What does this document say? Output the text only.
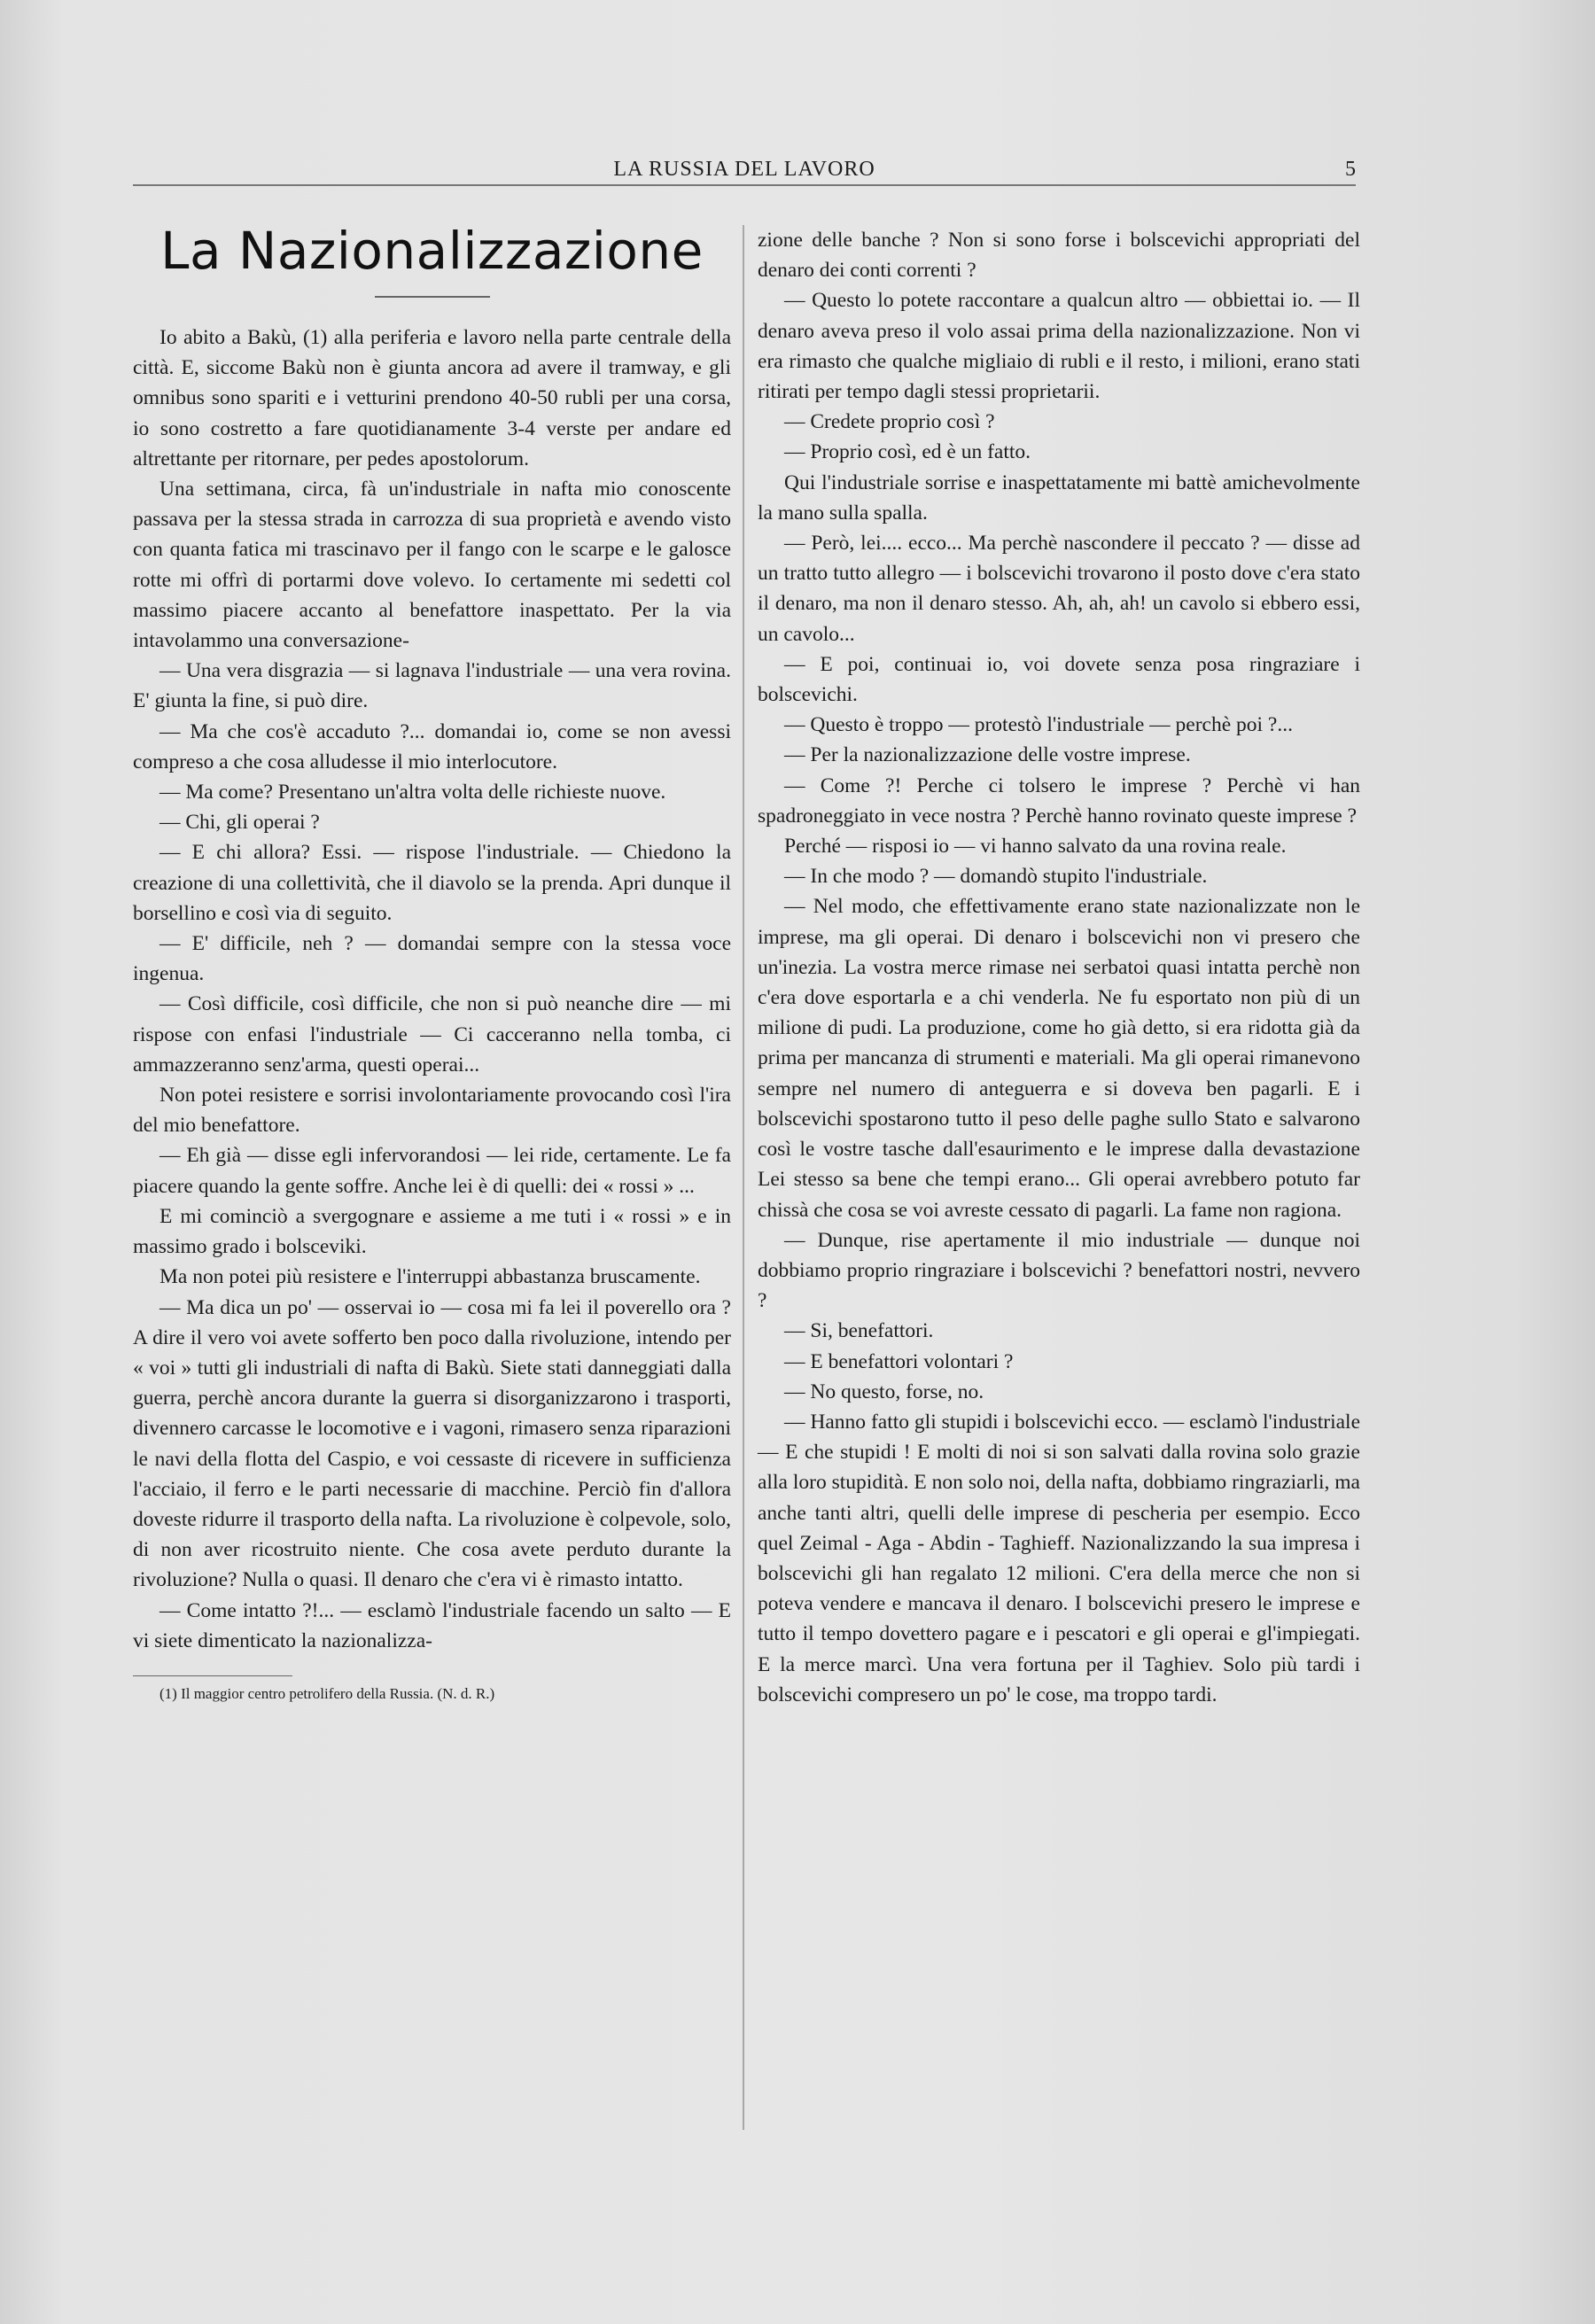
LA RUSSIA DEL LAVORO	5
La Nazionalizzazione

Io abito a Bakù, (1) alla periferia e lavoro nella parte centrale della città. E, siccome Bakù non è giunta ancora ad avere il tramway, e gli omnibus sono spariti e i vetturini prendono 40-50 rubli per una corsa, io sono costretto a fare quotidianamente 3-4 verste per andare ed altrettante per ritornare, per pedes apostolorum.

Una settimana, circa, fà un'industriale in nafta mio conoscente passava per la stessa strada in carrozza di sua proprietà e avendo visto con quanta fatica mi trascinavo per il fango con le scarpe e le galosce rotte mi offrì di portarmi dove volevo. Io certamente mi sedetti col massimo piacere accanto al benefattore inaspettato. Per la via intavolammo una conversazione-

— Una vera disgrazia — si lagnava l'industriale — una vera rovina. E' giunta la fine, si può dire.

— Ma che cos'è accaduto ?... domandai io, come se non avessi compreso a che cosa alludesse il mio interlocutore.

— Ma come? Presentano un'altra volta delle richieste nuove.

— Chi, gli operai ?

— E chi allora? Essi. — rispose l'industriale. — Chiedono la creazione di una collettività, che il diavolo se la prenda. Apri dunque il borsellino e così via di seguito.

— E' difficile, neh ? — domandai sempre con la stessa voce ingenua.

— Così difficile, così difficile, che non si può neanche dire — mi rispose con enfasi l'industriale — Ci cacceranno nella tomba, ci ammazzeranno senz'arma, questi operai...

Non potei resistere e sorrisi involontariamente provocando così l'ira del mio benefattore.

— Eh già — disse egli infervorandosi — lei ride, certamente. Le fa piacere quando la gente soffre. Anche lei è di quelli: dei « rossi » ...

E mi cominciò a svergognare e assieme a me tuti i « rossi » e in massimo grado i bolsceviki.

Ma non potei più resistere e l'interruppi abbastanza bruscamente.

— Ma dica un po' — osservai io — cosa mi fa lei il poverello ora ? A dire il vero voi avete sofferto ben poco dalla rivoluzione, intendo per « voi » tutti gli industriali di nafta di Bakù. Siete stati danneggiati dalla guerra, perchè ancora durante la guerra si disorganizzarono i trasporti, divennero carcasse le locomotive e i vagoni, rimasero senza riparazioni le navi della flotta del Caspio, e voi cessaste di ricevere in sufficienza l'acciaio, il ferro e le parti necessarie di macchine. Perciò fin d'allora doveste ridurre il trasporto della nafta. La rivoluzione è colpevole, solo, di non aver ricostruito niente. Che cosa avete perduto durante la rivoluzione? Nulla o quasi. Il denaro che c'era vi è rimasto intatto.

— Come intatto ?!... — esclamò l'industriale facendo un salto — E vi siete dimenticato la nazionalizza-

(1) Il maggior centro petrolifero della Russia. (N. d. R.)

zione delle banche ? Non si sono forse i bolscevichi appropriati del denaro dei conti correnti ?

— Questo lo potete raccontare a qualcun altro — obbiettai io. — Il denaro aveva preso il volo assai prima della nazionalizzazione. Non vi era rimasto che qualche migliaio di rubli e il resto, i milioni, erano stati ritirati per tempo dagli stessi proprietarii.

— Credete proprio così ?

— Proprio così, ed è un fatto.

Qui l'industriale sorrise e inaspettatamente mi battè amichevolmente la mano sulla spalla.

— Però, lei.... ecco... Ma perchè nascondere il peccato ? — disse ad un tratto tutto allegro — i bolscevichi trovarono il posto dove c'era stato il denaro, ma non il denaro stesso. Ah, ah, ah! un cavolo si ebbero essi, un cavolo...

— E poi, continuai io, voi dovete senza posa ringraziare i bolscevichi.

— Questo è troppo — protestò l'industriale — perchè poi ?...

— Per la nazionalizzazione delle vostre imprese.

— Come ?! Perche ci tolsero le imprese ? Perchè vi han spadroneggiato in vece nostra ? Perchè hanno rovinato queste imprese ?

Perché — risposi io — vi hanno salvato da una rovina reale.

— In che modo ? — domandò stupito l'industriale.

— Nel modo, che effettivamente erano state nazionalizzate non le imprese, ma gli operai. Di denaro i bolscevichi non vi presero che un'inezia. La vostra merce rimase nei serbatoi quasi intatta perchè non c'era dove esportarla e a chi venderla. Ne fu esportato non più di un milione di pudi. La produzione, come ho già detto, si era ridotta già da prima per mancanza di strumenti e materiali. Ma gli operai rimanevono sempre nel numero di anteguerra e si doveva ben pagarli. E i bolscevichi spostarono tutto il peso delle paghe sullo Stato e salvarono così le vostre tasche dall'esaurimento e le imprese dalla devastazione Lei stesso sa bene che tempi erano... Gli operai avrebbero potuto far chissà che cosa se voi avreste cessato di pagarli. La fame non ragiona.

— Dunque, rise apertamente il mio industriale — dunque noi dobbiamo proprio ringraziare i bolscevichi ? benefattori nostri, nevvero ?

— Si, benefattori.

— E benefattori volontari ?

— No questo, forse, no.

— Hanno fatto gli stupidi i bolscevichi ecco. — esclamò l'industriale — E che stupidi ! E molti di noi si son salvati dalla rovina solo grazie alla loro stupidità. E non solo noi, della nafta, dobbiamo ringraziarli, ma anche tanti altri, quelli delle imprese di pescheria per esempio. Ecco quel Zeimal - Aga - Abdin - Taghieff. Nazionalizzando la sua impresa i bolscevichi gli han regalato 12 milioni. C'era della merce che non si poteva vendere e mancava il denaro. I bolscevichi presero le imprese e tutto il tempo dovettero pagare e i pescatori e gli operai e gl'impiegati. E la merce marcì. Una vera fortuna per il Taghiev. Solo più tardi i bolscevichi compresero un po' le cose, ma troppo tardi.
